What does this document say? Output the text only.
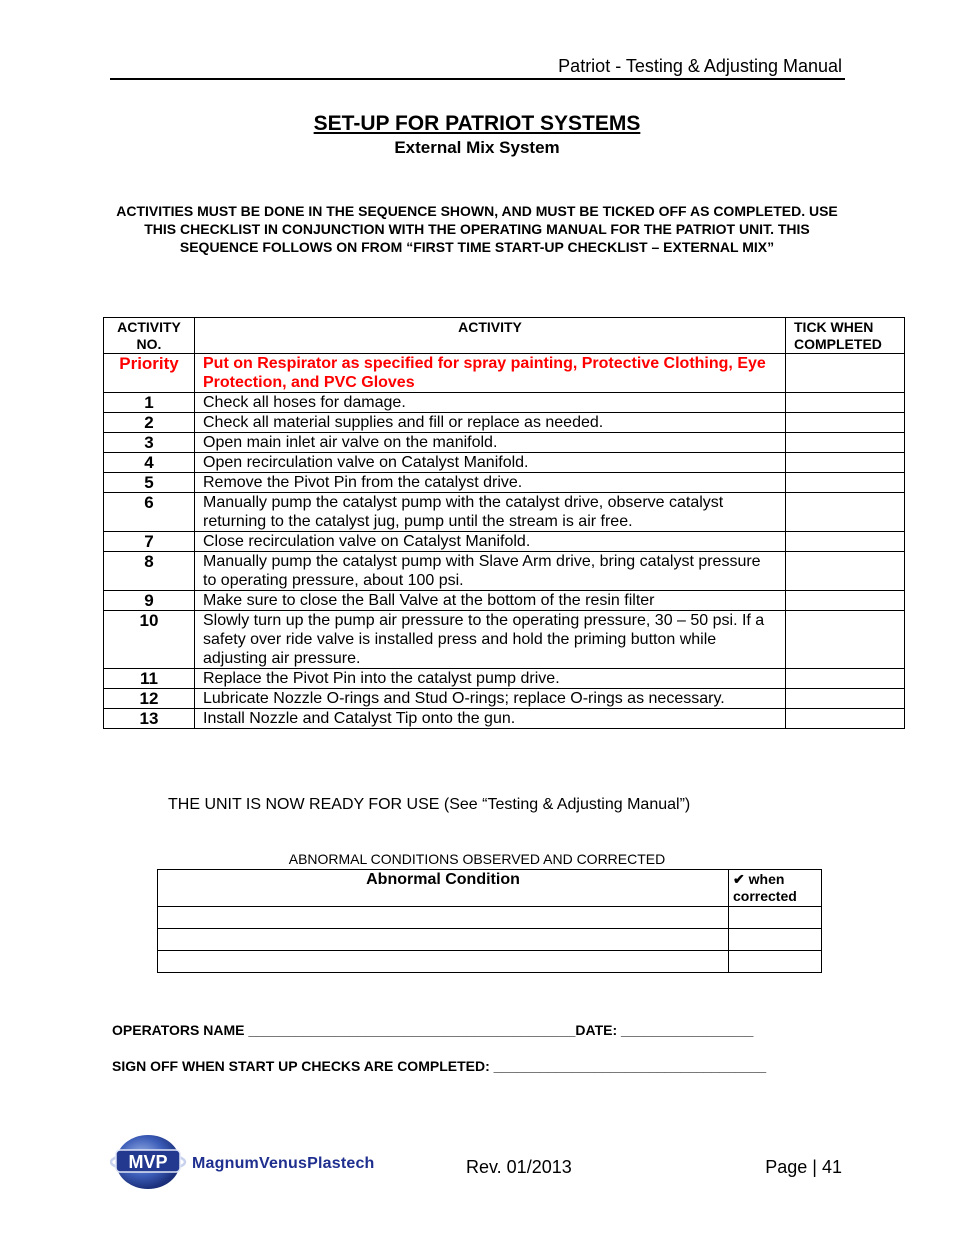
Patriot - Testing & Adjusting Manual
SET-UP FOR PATRIOT SYSTEMS
External Mix System
ACTIVITIES MUST BE DONE IN THE SEQUENCE SHOWN, AND MUST BE TICKED OFF AS COMPLETED. USE THIS CHECKLIST IN CONJUNCTION WITH THE OPERATING MANUAL FOR THE PATRIOT UNIT. THIS SEQUENCE FOLLOWS ON FROM “FIRST TIME START-UP CHECKLIST – EXTERNAL MIX”
ACTIVITY NO.	ACTIVITY	TICK WHEN COMPLETED
Priority	Put on Respirator as specified for spray painting, Protective Clothing, Eye Protection, and PVC Gloves	
1	Check all hoses for damage.	
2	Check all material supplies and fill or replace as needed.	
3	Open main inlet air valve on the manifold.	
4	Open recirculation valve on Catalyst Manifold.	
5	Remove the Pivot Pin from the catalyst drive.	
6	Manually pump the catalyst pump with the catalyst drive, observe catalyst returning to the catalyst jug, pump until the stream is air free.	
7	Close recirculation valve on Catalyst Manifold.	
8	Manually pump the catalyst pump with Slave Arm drive, bring catalyst pressure to operating pressure, about 100 psi.	
9	Make sure to close the Ball Valve at the bottom of the resin filter	
10	Slowly turn up the pump air pressure to the operating pressure, 30 – 50 psi. If a safety over ride valve is installed press and hold the priming button while adjusting air pressure.	
11	Replace the Pivot Pin into the catalyst pump drive.	
12	Lubricate Nozzle O-rings and Stud O-rings; replace O-rings as necessary.	
13	Install Nozzle and Catalyst Tip onto the gun.	
THE UNIT IS NOW READY FOR USE (See “Testing & Adjusting Manual”)
ABNORMAL CONDITIONS OBSERVED AND CORRECTED
Abnormal Condition	✔ when corrected

OPERATORS NAME __________________________________________DATE: _________________
SIGN OFF WHEN START UP CHECKS ARE COMPLETED: ___________________________________
MVP MagnumVenusPlastech	Rev. 01/2013	Page | 41
